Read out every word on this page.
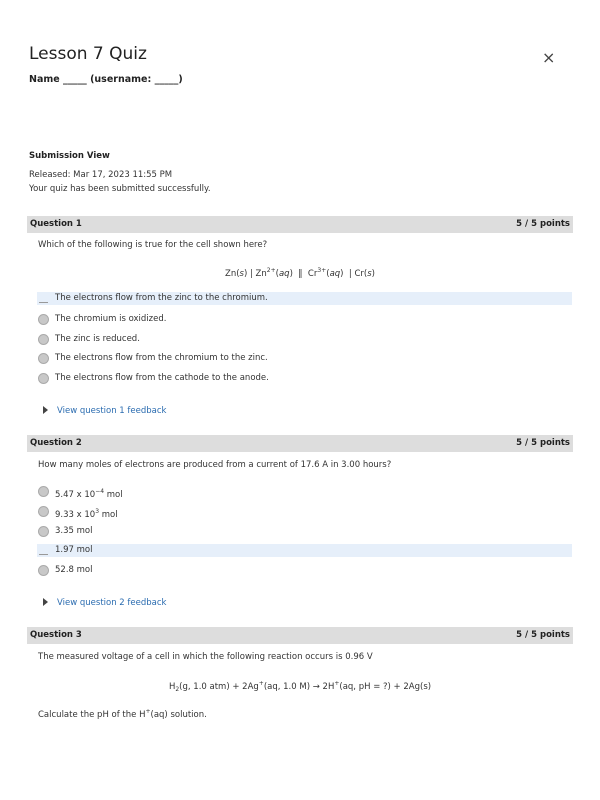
Lesson 7 Quiz
Name _____ (username: _____)
×
Submission View
Released: Mar 17, 2023 11:55 PM
Your quiz has been submitted successfully.
Question 1	5 / 5 points
Which of the following is true for the cell shown here?
Zn(s) | $Zn^{2+}(aq)$  ‖  $Cr^{3+}(aq)$  | Cr(s)
The electrons flow from the zinc to the chromium.
The chromium is oxidized.
The zinc is reduced.
The electrons flow from the chromium to the zinc.
The electrons flow from the cathode to the anode.
View question 1 feedback
Question 2	5 / 5 points
How many moles of electrons are produced from a current of 17.6 A in 3.00 hours?
5.47 x $10^{-4}$ mol
9.33 x $10^3$ mol
3.35 mol
1.97 mol
52.8 mol
View question 2 feedback
Question 3	5 / 5 points
The measured voltage of a cell in which the following reaction occurs is 0.96 V
$H_2(g$, 1.0 atm) + 2Ag+(aq, 1.0 M) → 2H+(aq, pH = ?) + 2Ag(s)
Calculate the pH of the H+(aq) solution.
